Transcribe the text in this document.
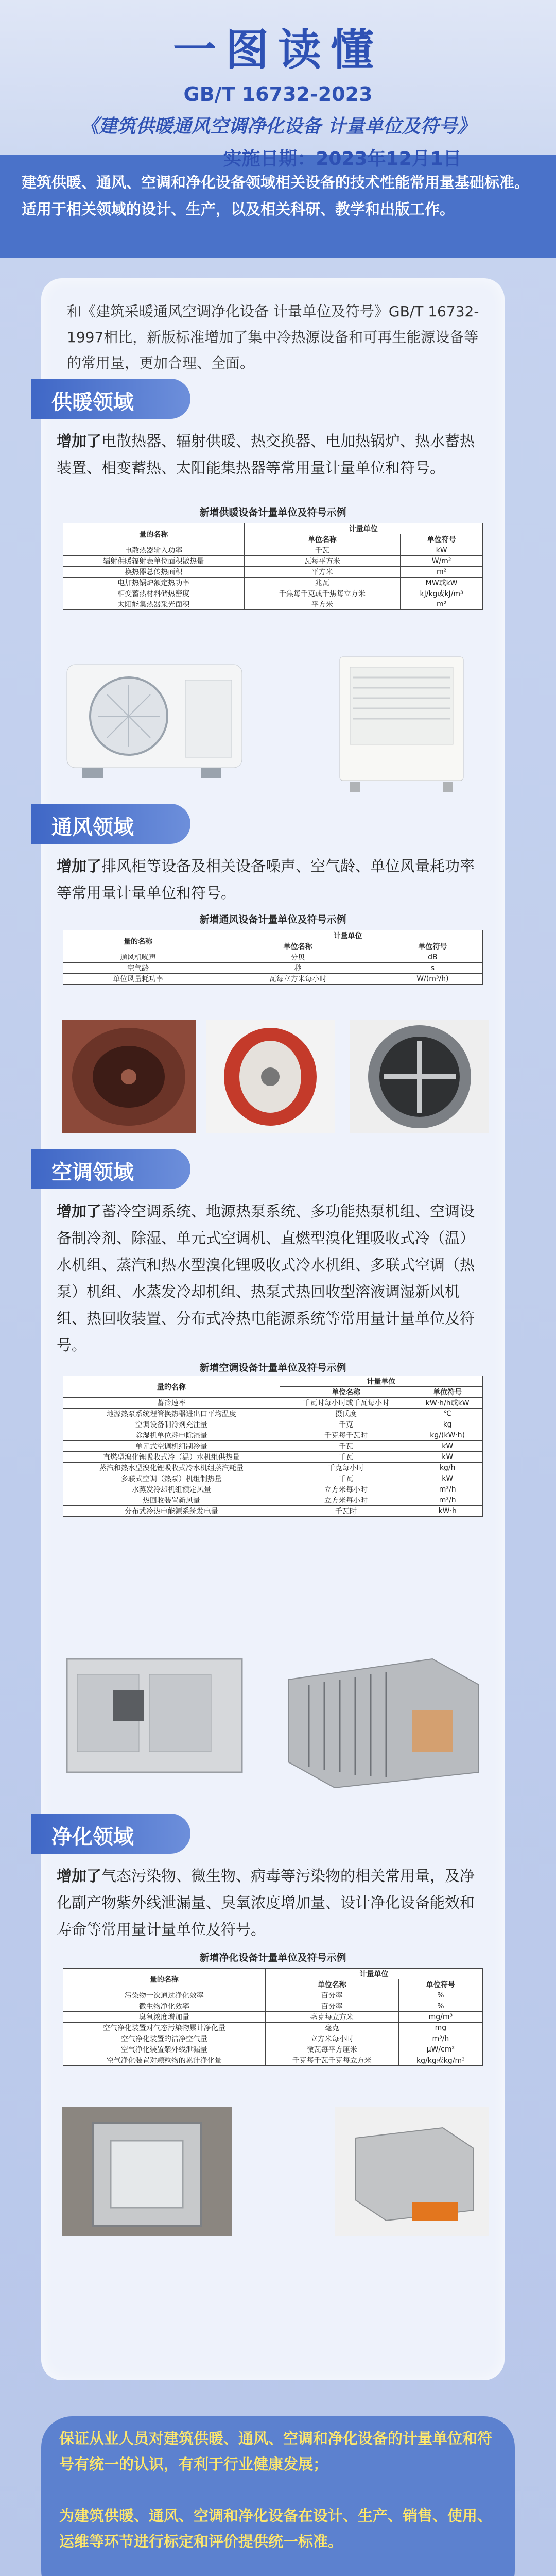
一图读懂
GB/T 16732-2023
《建筑供暖通风空调净化设备 计量单位及符号》
实施日期：2023年12月1日
建筑供暖、通风、空调和净化设备领域相关设备的技术性能常用量基础标准。适用于相关领域的设计、生产，以及相关科研、教学和出版工作。
和《建筑采暖通风空调净化设备 计量单位及符号》GB/T 16732-1997相比，新版标准增加了集中冷热源设备和可再生能源设备等的常用量，更加合理、全面。
供暖领域
增加了电散热器、辐射供暖、热交换器、电加热锅炉、热水蓄热装置、相变蓄热、太阳能集热器等常用量计量单位和符号。
新增供暖设备计量单位及符号示例
量的名称	计量单位	
	单位名称	单位符号
电散热器输入功率	千瓦	kW
辐射供暖辐射表单位面积散热量	瓦每平方米	W/m²
换热器总传热面积	平方米	m²
电加热锅炉额定热功率	兆瓦	MW或kW
相变蓄热材料储热密度	千焦每千克或千焦每立方米	kJ/kg或kJ/m³
太阳能集热器采光面积	平方米	m²
通风领域
增加了排风柜等设备及相关设备噪声、空气龄、单位风量耗功率等常用量计量单位和符号。
新增通风设备计量单位及符号示例
量的名称	计量单位	
	单位名称	单位符号
通风机噪声	分贝	dB
空气龄	秒	s
单位风量耗功率	瓦每立方米每小时	W/(m³/h)
空调领域
增加了蓄冷空调系统、地源热泵系统、多功能热泵机组、空调设备制冷剂、除湿、单元式空调机、直燃型溴化锂吸收式冷（温）水机组、蒸汽和热水型溴化锂吸收式冷水机组、多联式空调（热泵）机组、水蒸发冷却机组、热泵式热回收型溶液调湿新风机组、热回收装置、分布式冷热电能源系统等常用量计量单位及符号。
新增空调设备计量单位及符号示例
量的名称	计量单位	
	单位名称	单位符号
蓄冷速率	千瓦时每小时或千瓦每小时	kW·h/h或kW
地源热泵系统埋管换热器进出口平均温度	摄氏度	℃
空调设备制冷剂充注量	千克	kg
除湿机单位耗电除湿量	千克每千瓦时	kg/(kW·h)
单元式空调机组制冷量	千瓦	kW
直燃型溴化锂吸收式冷（温）水机组供热量	千瓦	kW
蒸汽和热水型溴化锂吸收式冷水机组蒸汽耗量	千克每小时	kg/h
多联式空调（热泵）机组制热量	千瓦	kW
水蒸发冷却机组额定风量	立方米每小时	m³/h
热回收装置新风量	立方米每小时	m³/h
分布式冷热电能源系统发电量	千瓦时	kW·h
净化领域
增加了气态污染物、微生物、病毒等污染物的相关常用量，及净化副产物紫外线泄漏量、臭氧浓度增加量、设计净化设备能效和寿命等常用量计量单位及符号。
新增净化设备计量单位及符号示例
量的名称	计量单位	
	单位名称	单位符号
污染物一次通过净化效率	百分率	%
微生物净化效率	百分率	%
臭氧浓度增加量	毫克每立方米	mg/m³
空气净化装置对气态污染物累计净化量	毫克	mg
空气净化装置的洁净空气量	立方米每小时	m³/h
空气净化装置紫外线泄漏量	微瓦每平方厘米	μW/cm²
空气净化装置对颗粒物的累计净化量	千克每千瓦千克每立方米	kg/kg或kg/m³

保证从业人员对建筑供暖、通风、空调和净化设备的计量单位和符号有统一的认识，有利于行业健康发展；

为建筑供暖、通风、空调和净化设备在设计、生产、销售、使用、运维等环节进行标定和评价提供统一标准。
